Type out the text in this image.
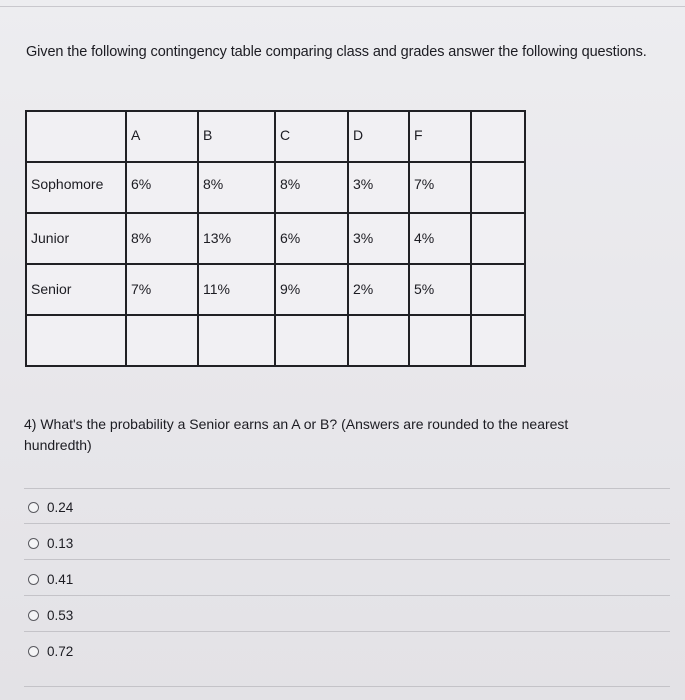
Given the following contingency table comparing class and grades answer the following questions.
	A	B	C	D	F	
Sophomore	6%	8%	8%	3%	7%	
Junior	8%	13%	6%	3%	4%	
Senior	7%	11%	9%	2%	5%	

4) What's the probability a Senior earns an A or B? (Answers are rounded to the nearest hundredth)
0.24
0.13
0.41
0.53
0.72
